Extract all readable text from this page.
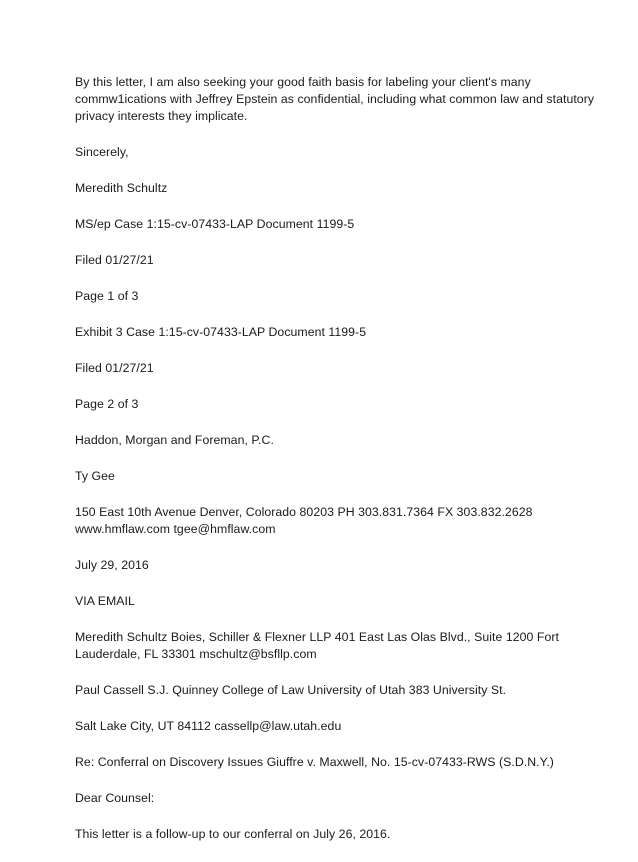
By this letter, I am also seeking your good faith basis for labeling your client's many
commw1ications with Jeffrey Epstein as confidential, including what common law and statutory
privacy interests they implicate.

Sincerely,

Meredith Schultz

MS/ep Case 1:15-cv-07433-LAP Document 1199-5

Filed 01/27/21

Page 1 of 3

Exhibit 3 Case 1:15-cv-07433-LAP Document 1199-5

Filed 01/27/21

Page 2 of 3

Haddon, Morgan and Foreman, P.C.

Ty Gee

150 East 10th Avenue Denver, Colorado 80203 PH 303.831.7364 FX 303.832.2628
www.hmflaw.com tgee@hmflaw.com

July 29, 2016

VIA EMAIL

Meredith Schultz Boies, Schiller & Flexner LLP 401 East Las Olas Blvd., Suite 1200 Fort
Lauderdale, FL 33301 mschultz@bsfllp.com

Paul Cassell S.J. Quinney College of Law University of Utah 383 University St.

Salt Lake City, UT 84112 cassellp@law.utah.edu

Re: Conferral on Discovery Issues Giuffre v. Maxwell, No. 15-cv-07433-RWS (S.D.N.Y.)

Dear Counsel:

This letter is a follow-up to our conferral on July 26, 2016.
